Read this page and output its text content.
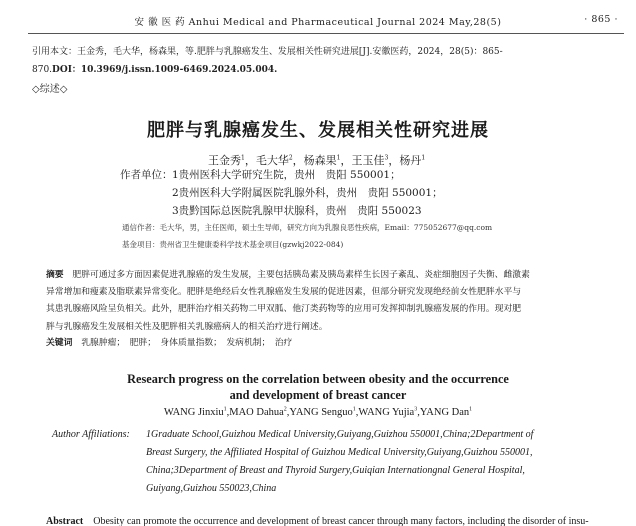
安 徽 医 药 Anhui Medical and Pharmaceutical Journal 2024 May,28(5)	· 865 ·
引用本文：王金秀，毛大华，杨森果，等.肥胖与乳腺癌发生、发展相关性研究进展[J].安徽医药，2024，28(5)：865-
870.DOI：10.3969/j.issn.1009-6469.2024.05.004.
◇综述◇
肥胖与乳腺癌发生、发展相关性研究进展
王金秀$^1$，毛大华$^2$，杨森果$^1$，王玉佳$^3$，杨丹$^1$
作者单位： 1贵州医科大学研究生院，贵州　贵阳 550001；
2贵州医科大学附属医院乳腺外科，贵州　贵阳 550001；
3贵黔国际总医院乳腺甲状腺科，贵州　贵阳 550023
通信作者：毛大华，男，主任医师，硕士生导师，研究方向为乳腺良恶性疾病，Email：775052677@qq.com
基金项目：贵州省卫生健康委科学技术基金项目(gzwkj2022-084)
摘要　 肥胖可通过多方面因素促进乳腺癌的发生发展，主要包括胰岛素及胰岛素样生长因子紊乱、炎症细胞因子失衡、雌激素
异常增加和瘦素及脂联素异常变化。肥胖是绝经后女性乳腺癌发生发展的促进因素，但部分研究发现绝经前女性肥胖水平与
其患乳腺癌风险呈负相关。此外，肥胖治疗相关药物二甲双胍、他汀类药物等的应用可发挥抑制乳腺癌发展的作用。现对肥
胖与乳腺癌发生发展相关性及肥胖相关乳腺癌病人的相关治疗进行阐述。
关键词　 乳腺肿瘤；　肥胖；　身体质量指数；　发病机制；　治疗
Research progress on the correlation between obesity and the occurrence
and development of breast cancer
WANG Jinxiu$^1$,MAO Dahua$^2$,YANG Senguo$^1$,WANG Yujia$^3$,YANG Dan$^1$
Author Affiliations: 1Graduate School,Guizhou Medical University,Guiyang,Guizhou 550001,China;2Department of
Breast Surgery, the Affiliated Hospital of Guizhou Medical University,Guiyang,Guizhou 550001,
China;3Department of Breast and Thyroid Surgery,Guiqian Internationgnal General Hospital,
Guiyang,Guizhou 550023,China
Abstract　 Obesity can promote the occurrence and development of breast cancer through many factors, including the disorder of insu-
